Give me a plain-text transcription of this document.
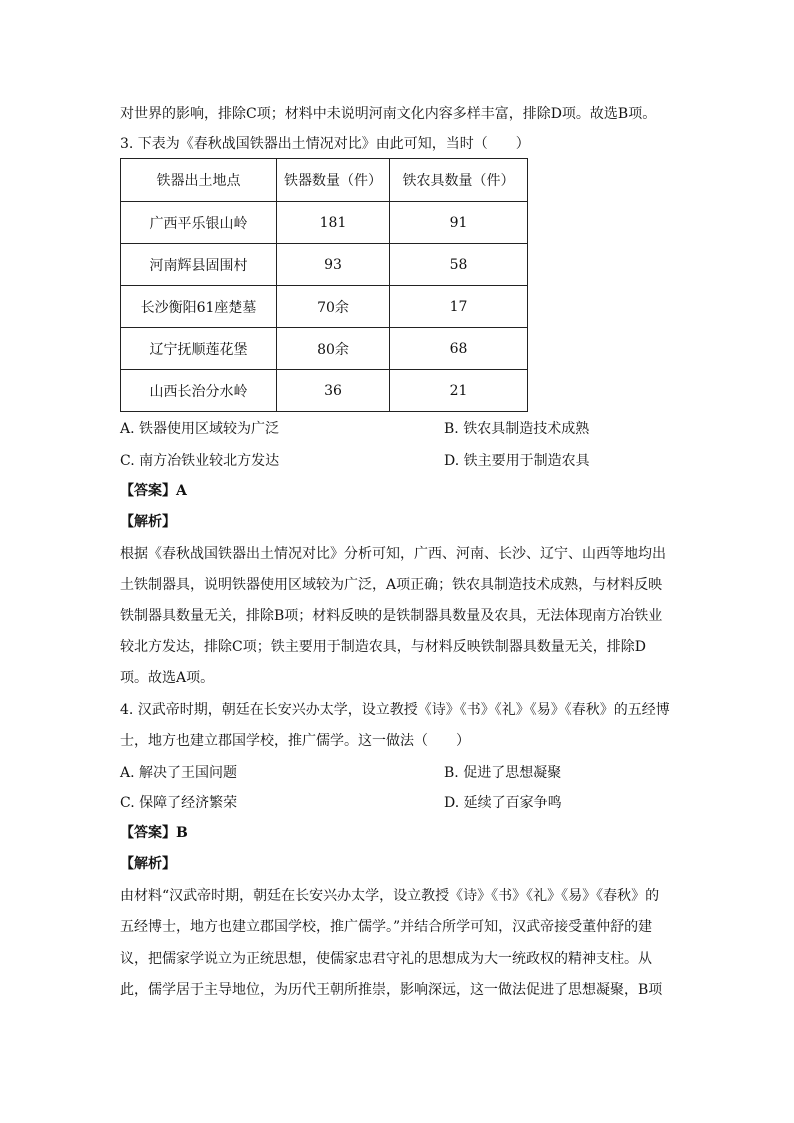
对世界的影响，排除C项；材料中未说明河南文化内容多样丰富，排除D项。故选B项。
3. 下表为《春秋战国铁器出土情况对比》由此可知，当时（　　）
铁器出土地点	铁器数量（件）	铁农具数量（件）
广西平乐银山岭	181	91
河南辉县固围村	93	58
长沙衡阳61座楚墓	70余	17
辽宁抚顺莲花堡	80余	68
山西长治分水岭	36	21
A. 铁器使用区域较为广泛	B. 铁农具制造技术成熟
C. 南方冶铁业较北方发达	D. 铁主要用于制造农具
【答案】A
【解析】
根据《春秋战国铁器出土情况对比》分析可知，广西、河南、长沙、辽宁、山西等地均出
土铁制器具，说明铁器使用区域较为广泛，A项正确；铁农具制造技术成熟，与材料反映
铁制器具数量无关，排除B项；材料反映的是铁制器具数量及农具，无法体现南方冶铁业
较北方发达，排除C项；铁主要用于制造农具，与材料反映铁制器具数量无关，排除D
项。故选A项。
4. 汉武帝时期，朝廷在长安兴办太学，设立教授《诗》《书》《礼》《易》《春秋》的五经博
士，地方也建立郡国学校，推广儒学。这一做法（　　）
A. 解决了王国问题	B. 促进了思想凝聚
C. 保障了经济繁荣	D. 延续了百家争鸣
【答案】B
【解析】
由材料“汉武帝时期，朝廷在长安兴办太学，设立教授《诗》《书》《礼》《易》《春秋》的
五经博士，地方也建立郡国学校，推广儒学。”并结合所学可知，汉武帝接受董仲舒的建
议，把儒家学说立为正统思想，使儒家忠君守礼的思想成为大一统政权的精神支柱。从
此，儒学居于主导地位，为历代王朝所推崇，影响深远，这一做法促进了思想凝聚，B项
